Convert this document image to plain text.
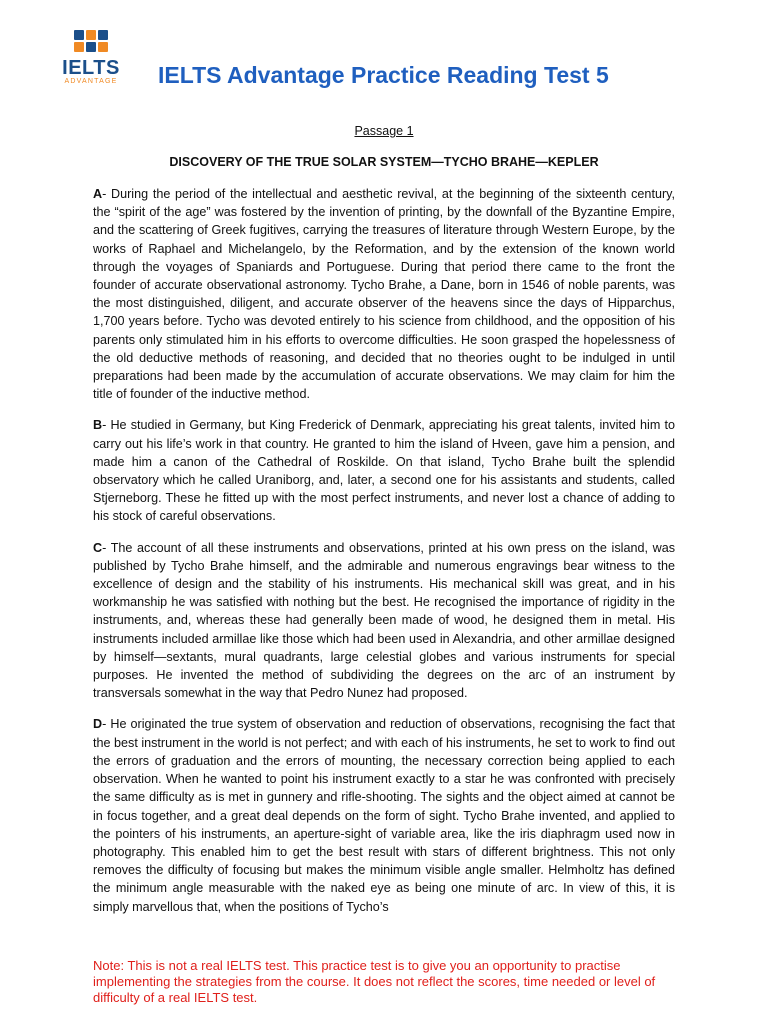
IELTS
ADVANTAGE IELTS Advantage Practice Reading Test 5
Passage 1
DISCOVERY OF THE TRUE SOLAR SYSTEM—TYCHO BRAHE—KEPLER

A- During the period of the intellectual and aesthetic revival, at the beginning of the sixteenth century, the “spirit of the age” was fostered by the invention of printing, by the downfall of the Byzantine Empire, and the scattering of Greek fugitives, carrying the treasures of literature through Western Europe, by the works of Raphael and Michelangelo, by the Reformation, and by the extension of the known world through the voyages of Spaniards and Portuguese. During that period there came to the front the founder of accurate observational astronomy. Tycho Brahe, a Dane, born in 1546 of noble parents, was the most distinguished, diligent, and accurate observer of the heavens since the days of Hipparchus, 1,700 years before. Tycho was devoted entirely to his science from childhood, and the opposition of his parents only stimulated him in his efforts to overcome difficulties. He soon grasped the hopelessness of the old deductive methods of reasoning, and decided that no theories ought to be indulged in until preparations had been made by the accumulation of accurate observations. We may claim for him the title of founder of the inductive method.

B- He studied in Germany, but King Frederick of Denmark, appreciating his great talents, invited him to carry out his life’s work in that country. He granted to him the island of Hveen, gave him a pension, and made him a canon of the Cathedral of Roskilde. On that island, Tycho Brahe built the splendid observatory which he called Uraniborg, and, later, a second one for his assistants and students, called Stjerneborg. These he fitted up with the most perfect instruments, and never lost a chance of adding to his stock of careful observations.

C- The account of all these instruments and observations, printed at his own press on the island, was published by Tycho Brahe himself, and the admirable and numerous engravings bear witness to the excellence of design and the stability of his instruments. His mechanical skill was great, and in his workmanship he was satisfied with nothing but the best. He recognised the importance of rigidity in the instruments, and, whereas these had generally been made of wood, he designed them in metal. His instruments included armillae like those which had been used in Alexandria, and other armillae designed by himself—sextants, mural quadrants, large celestial globes and various instruments for special purposes. He invented the method of subdividing the degrees on the arc of an instrument by transversals somewhat in the way that Pedro Nunez had proposed.

D- He originated the true system of observation and reduction of observations, recognising the fact that the best instrument in the world is not perfect; and with each of his instruments, he set to work to find out the errors of graduation and the errors of mounting, the necessary correction being applied to each observation. When he wanted to point his instrument exactly to a star he was confronted with precisely the same difficulty as is met in gunnery and rifle-shooting. The sights and the object aimed at cannot be in focus together, and a great deal depends on the form of sight. Tycho Brahe invented, and applied to the pointers of his instruments, an aperture-sight of variable area, like the iris diaphragm used now in photography. This enabled him to get the best result with stars of different brightness. This not only removes the difficulty of focusing but makes the minimum visible angle smaller. Helmholtz has defined the minimum angle measurable with the naked eye as being one minute of arc. In view of this, it is simply marvellous that, when the positions of Tycho’s

Note: This is not a real IELTS test. This practice test is to give you an opportunity to practise implementing the strategies from the course. It does not reflect the scores, time needed or level of difficulty of a real IELTS test.
